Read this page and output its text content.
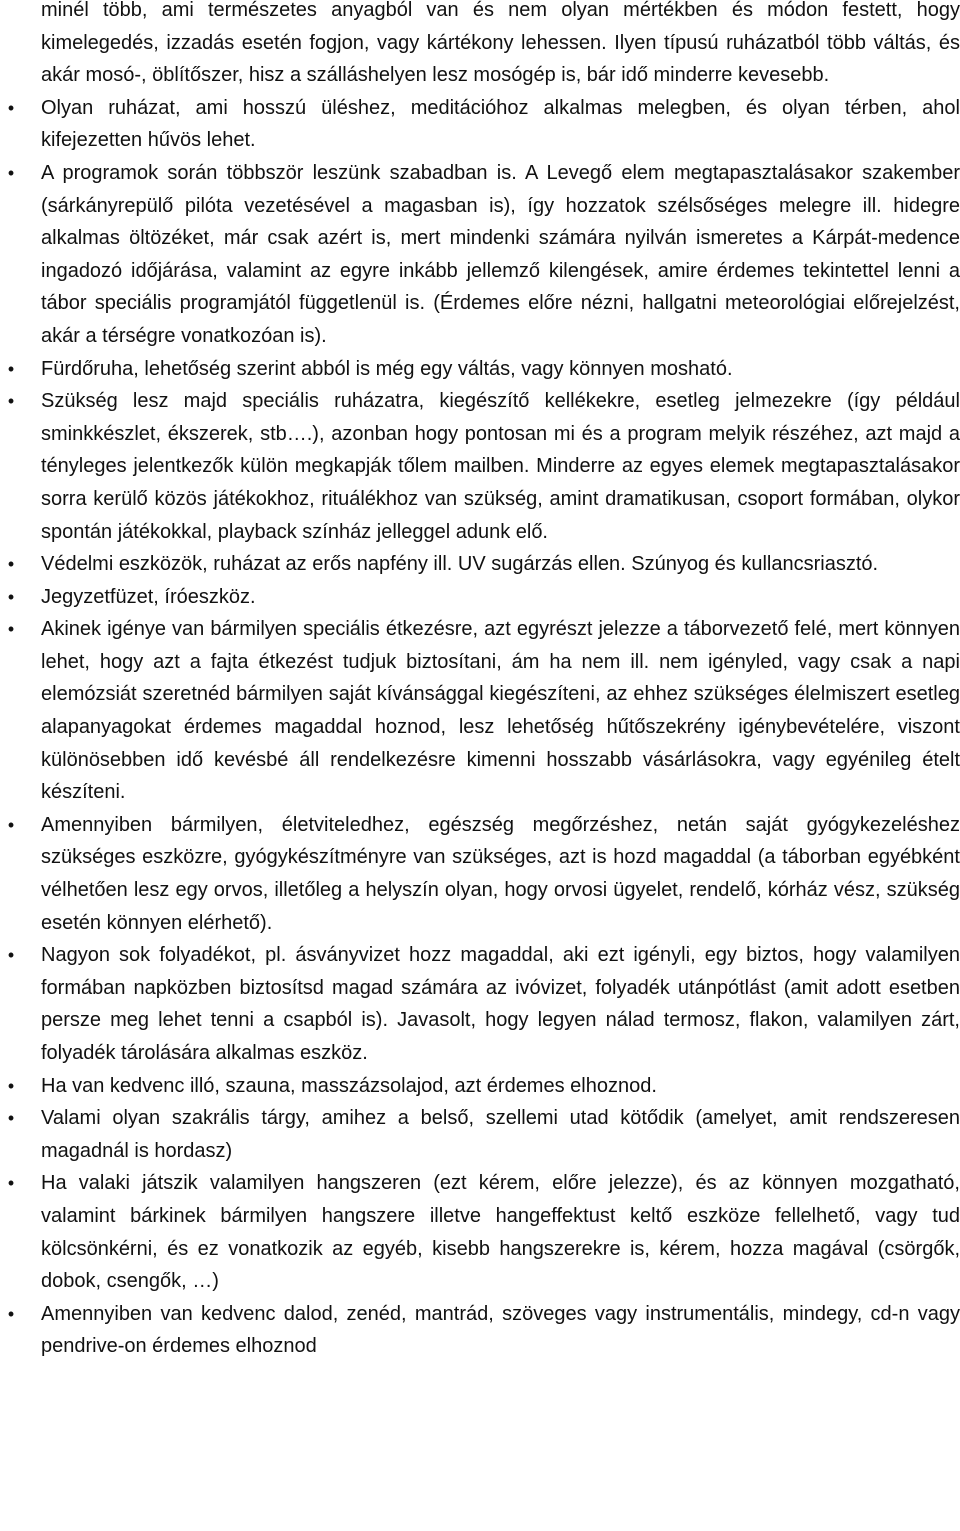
minél több, ami természetes anyagból van és nem olyan mértékben és módon festett, hogy kimelegedés, izzadás esetén fogjon, vagy kártékony lehessen. Ilyen típusú ruházatból több váltás, és akár mosó-, öblítőszer, hisz a szálláshelyen lesz mosógép is, bár idő minderre kevesebb.
• Olyan ruházat, ami hosszú üléshez, meditációhoz alkalmas melegben, és olyan térben, ahol kifejezetten hűvös lehet.
• A programok során többször leszünk szabadban is. A Levegő elem megtapasztalásakor szakember (sárkányrepülő pilóta vezetésével a magasban is), így hozzatok szélsőséges melegre ill. hidegre alkalmas öltözéket, már csak azért is, mert mindenki számára nyilván ismeretes a Kárpát-medence ingadozó időjárása, valamint az egyre inkább jellemző kilengések, amire érdemes tekintettel lenni a tábor speciális programjától függetlenül is. (Érdemes előre nézni, hallgatni meteorológiai előrejelzést, akár a térségre vonatkozóan is).
• Fürdőruha, lehetőség szerint abból is még egy váltás, vagy könnyen mosható.
• Szükség lesz majd speciális ruházatra, kiegészítő kellékekre, esetleg jelmezekre (így például sminkkészlet, ékszerek, stb….), azonban hogy pontosan mi és a program melyik részéhez, azt majd a tényleges jelentkezők külön megkapják tőlem mailben. Minderre az egyes elemek megtapasztalásakor sorra kerülő közös játékokhoz, rituálékhoz van szükség, amint dramatikusan, csoport formában, olykor spontán játékokkal, playback színház jelleggel adunk elő.
• Védelmi eszközök, ruházat az erős napfény ill. UV sugárzás ellen. Szúnyog és kullancsriasztó.
• Jegyzetfüzet, íróeszköz.
• Akinek igénye van bármilyen speciális étkezésre, azt egyrészt jelezze a táborvezető felé, mert könnyen lehet, hogy azt a fajta étkezést tudjuk biztosítani, ám ha nem ill. nem igényled, vagy csak a napi elemózsiát szeretnéd bármilyen saját kívánsággal kiegészíteni, az ehhez szükséges élelmiszert esetleg alapanyagokat érdemes magaddal hoznod, lesz lehetőség hűtőszekrény igénybevételére, viszont különösebben idő kevésbé áll rendelkezésre kimenni hosszabb vásárlásokra, vagy egyénileg ételt készíteni.
• Amennyiben bármilyen, életviteledhez, egészség megőrzéshez, netán saját gyógykezeléshez szükséges eszközre, gyógykészítményre van szükséges, azt is hozd magaddal (a táborban egyébként vélhetően lesz egy orvos, illetőleg a helyszín olyan, hogy orvosi ügyelet, rendelő, kórház vész, szükség esetén könnyen elérhető).
• Nagyon sok folyadékot, pl. ásványvizet hozz magaddal, aki ezt igényli, egy biztos, hogy valamilyen formában napközben biztosítsd magad számára az ivóvizet, folyadék utánpótlást (amit adott esetben persze meg lehet tenni a csapból is). Javasolt, hogy legyen nálad termosz, flakon, valamilyen zárt, folyadék tárolására alkalmas eszköz.
• Ha van kedvenc illó, szauna, masszázsolajod, azt érdemes elhoznod.
• Valami olyan szakrális tárgy, amihez a belső, szellemi utad kötődik (amelyet, amit rendszeresen magadnál is hordasz)
• Ha valaki játszik valamilyen hangszeren (ezt kérem, előre jelezze), és az könnyen mozgatható, valamint bárkinek bármilyen hangszere illetve hangeffektust keltő eszköze fellelhető, vagy tud kölcsönkérni, és ez vonatkozik az egyéb, kisebb hangszerekre is, kérem, hozza magával (csörgők, dobok, csengők, …)
• Amennyiben van kedvenc dalod, zenéd, mantrád, szöveges vagy instrumentális, mindegy, cd-n vagy pendrive-on érdemes elhoznod
